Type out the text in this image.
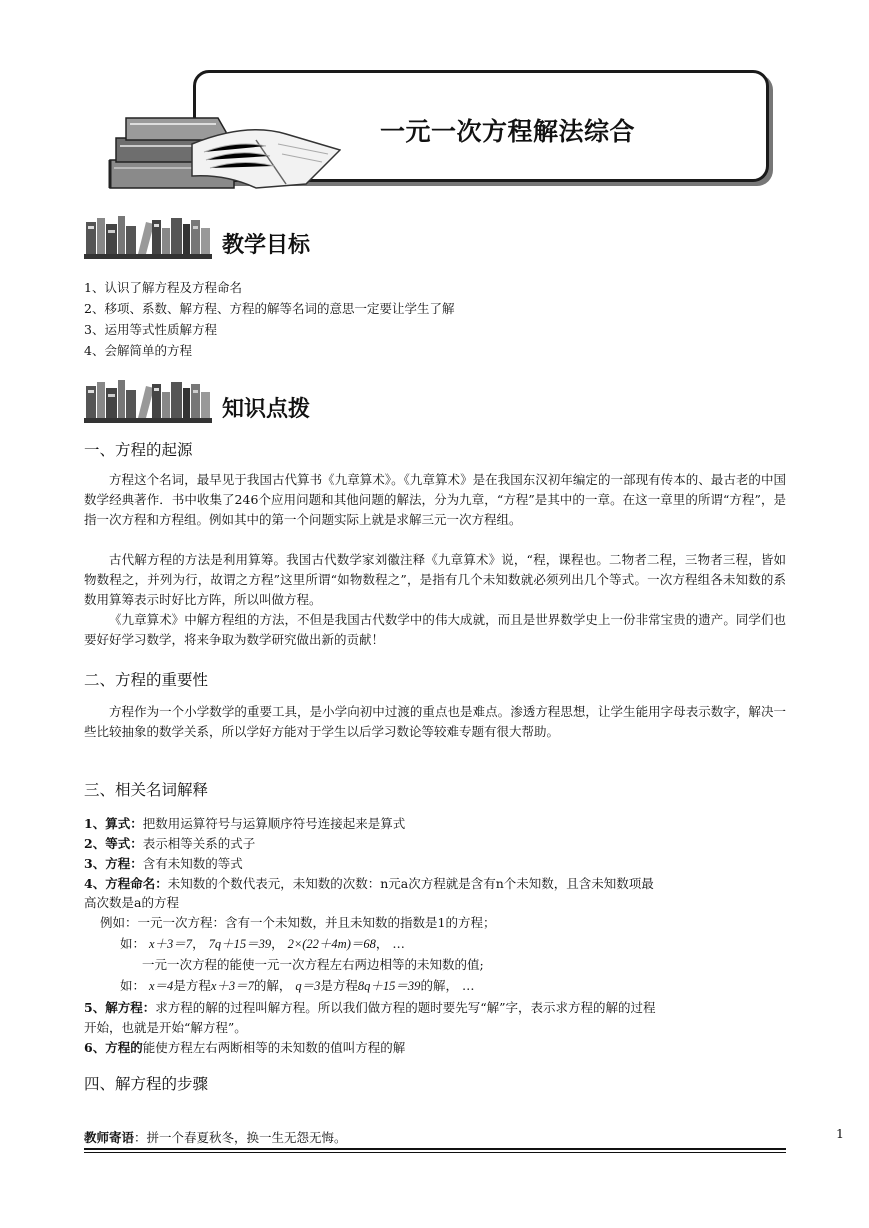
一元一次方程解法综合
教学目标
1、认识了解方程及方程命名
2、移项、系数、解方程、方程的解等名词的意思一定要让学生了解
3、运用等式性质解方程
4、会解简单的方程
知识点拨
一、方程的起源
方程这个名词，最早见于我国古代算书《九章算术》。《九章算术》是在我国东汉初年编定的一部现有传本的、最古老的中国数学经典著作．书中收集了246个应用问题和其他问题的解法，分为九章，“方程”是其中的一章。在这一章里的所谓“方程”，是指一次方程和方程组。例如其中的第一个问题实际上就是求解三元一次方程组。
古代解方程的方法是利用算筹。我国古代数学家刘徽注释《九章算术》说，“程，课程也。二物者二程，三物者三程，皆如物数程之，并列为行，故谓之方程”这里所谓“如物数程之”，是指有几个未知数就必须列出几个等式。一次方程组各未知数的系数用算筹表示时好比方阵，所以叫做方程。
《九章算术》中解方程组的方法，不但是我国古代数学中的伟大成就，而且是世界数学史上一份非常宝贵的遗产。同学们也要好好学习数学，将来争取为数学研究做出新的贡献！
二、方程的重要性
方程作为一个小学数学的重要工具，是小学向初中过渡的重点也是难点。渗透方程思想，让学生能用字母表示数字，解决一些比较抽象的数学关系，所以学好方能对于学生以后学习数论等较难专题有很大帮助。
三、相关名词解释
1、算式：把数用运算符号与运算顺序符号连接起来是算式
2、等式：表示相等关系的式子
3、方程：含有未知数的等式
4、方程命名：未知数的个数代表元，未知数的次数：n元a次方程就是含有n个未知数，且含未知数项最
高次数是a的方程
例如：一元一次方程：含有一个未知数，并且未知数的指数是1的方程；
如： x＋3＝7， 7q＋15＝39， 2×(22＋4m)＝68， …
一元一次方程的能使一元一次方程左右两边相等的未知数的值;
如： x＝4是方程x＋3＝7的解， q＝3是方程8q＋15＝39的解， …
5、解方程：求方程的解的过程叫解方程。所以我们做方程的题时要先写“解”字，表示求方程的解的过程
开始，也就是开始“解方程”。
6、方程的能使方程左右两断相等的未知数的值叫方程的解
四、解方程的步骤
教师寄语：拼一个春夏秋冬，换一生无怨无悔。	1
